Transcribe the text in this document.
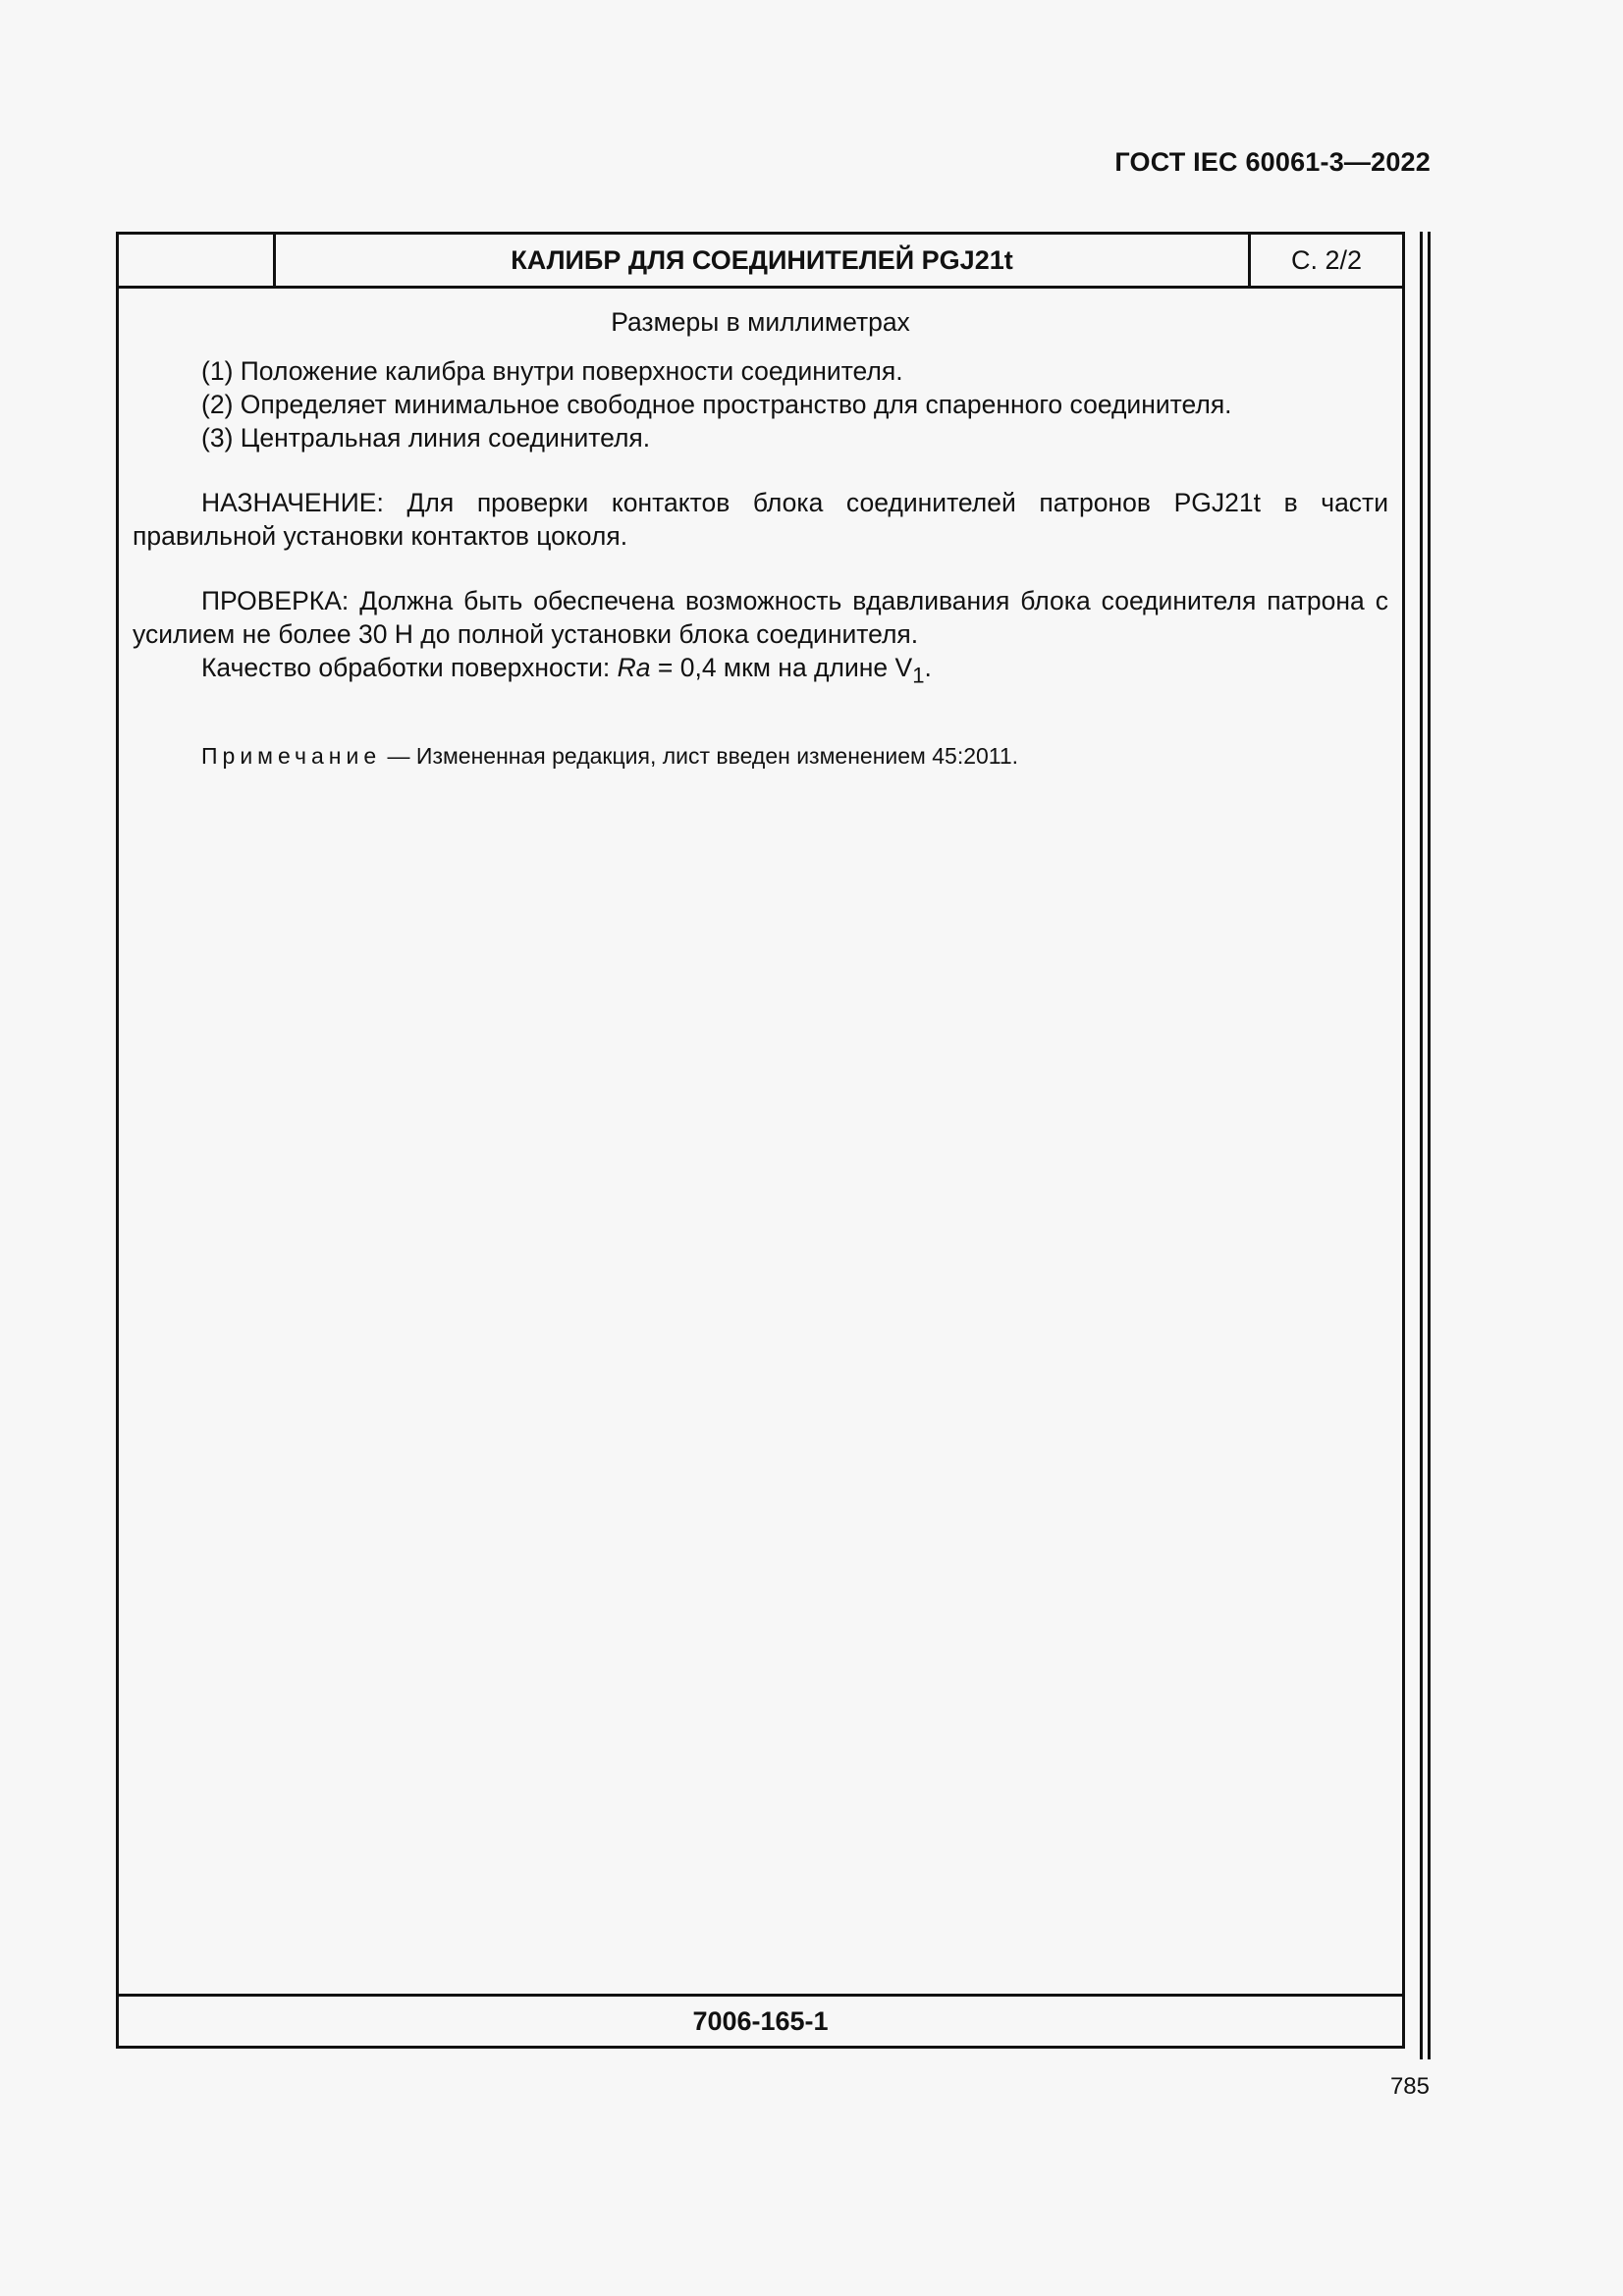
ГОСТ IEC 60061-3—2022
КАЛИБР ДЛЯ СОЕДИНИТЕЛЕЙ PGJ21t	С. 2/2

Размеры в миллиметрах

(1) Положение калибра внутри поверхности соединителя.

(2) Определяет минимальное свободное пространство для спаренного соединителя.

(3) Центральная линия соединителя.

НАЗНАЧЕНИЕ: Для проверки контактов блока соединителей патронов PGJ21t в части правильной установки контактов цоколя.

ПРОВЕРКА: Должна быть обеспечена возможность вдавливания блока соединителя патрона с усилием не более 30 Н до полной установки блока соединителя.

Качество обработки поверхности: Ra = 0,4 мкм на длине $V_1$.

Примечание — Измененная редакция, лист введен изменением 45:2011.

7006-165-1
785
